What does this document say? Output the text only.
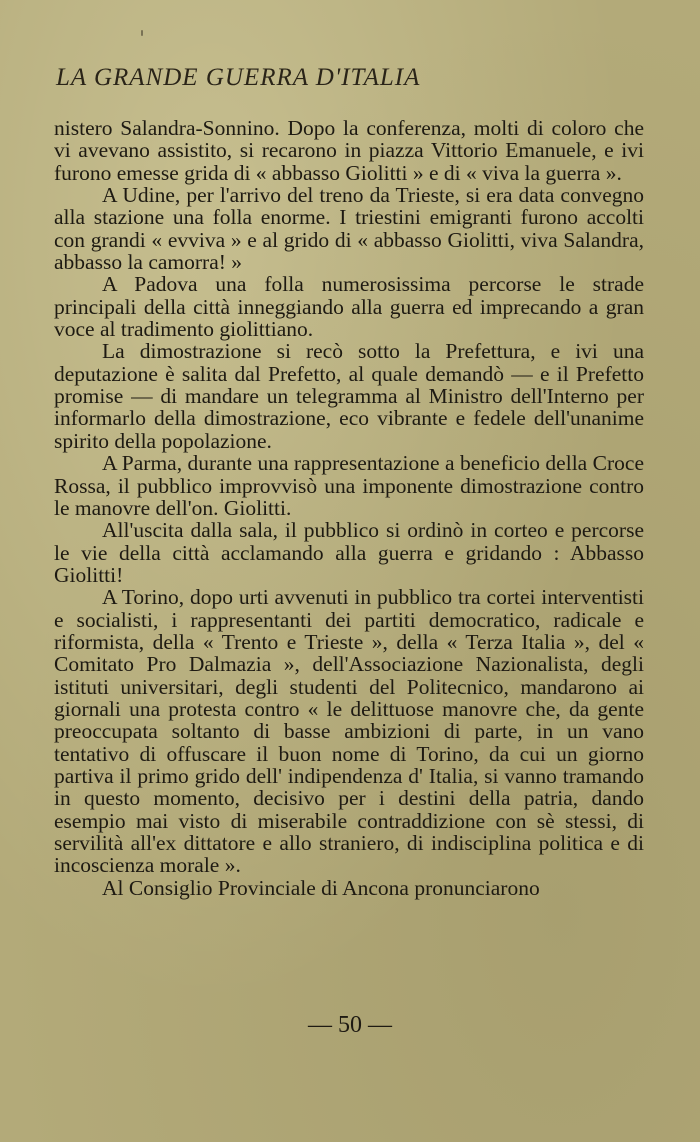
LA GRANDE GUERRA D'ITALIA

nistero Salandra-Sonnino. Dopo la conferenza, molti di coloro che vi avevano assistito, si recarono in piazza Vittorio Emanuele, e ivi furono emesse grida di « abbasso Giolitti » e di « viva la guerra ».

A Udine, per l'arrivo del treno da Trieste, si era data convegno alla stazione una folla enorme. I triestini emigranti furono accolti con grandi « evviva » e al grido di « abbasso Giolitti, viva Salandra, abbasso la camorra! »

A Padova una folla numerosissima percorse le strade principali della città inneggiando alla guerra ed imprecando a gran voce al tradimento giolittiano.

La dimostrazione si recò sotto la Prefettura, e ivi una deputazione è salita dal Prefetto, al quale demandò — e il Prefetto promise — di mandare un telegramma al Ministro dell'Interno per informarlo della dimostrazione, eco vibrante e fedele dell'unanime spirito della popolazione.

A Parma, durante una rappresentazione a beneficio della Croce Rossa, il pubblico improvvisò una imponente dimostrazione contro le manovre dell'on. Giolitti.

All'uscita dalla sala, il pubblico si ordinò in corteo e percorse le vie della città acclamando alla guerra e gridando : Abbasso Giolitti!

A Torino, dopo urti avvenuti in pubblico tra cortei interventisti e socialisti, i rappresentanti dei partiti democratico, radicale e riformista, della « Trento e Trieste », della « Terza Italia », del « Comitato Pro Dalmazia », dell'Associazione Nazionalista, degli istituti universitari, degli studenti del Politecnico, mandarono ai giornali una protesta contro « le delittuose manovre che, da gente preoccupata soltanto di basse ambizioni di parte, in un vano tentativo di offuscare il buon nome di Torino, da cui un giorno partiva il primo grido dell' indipendenza d' Italia, si vanno tramando in questo momento, decisivo per i destini della patria, dando esempio mai visto di miserabile contraddizione con sè stessi, di servilità all'ex dittatore e allo straniero, di indisciplina politica e di incoscienza morale ».

Al Consiglio Provinciale di Ancona pronunciarono

— 50 —
